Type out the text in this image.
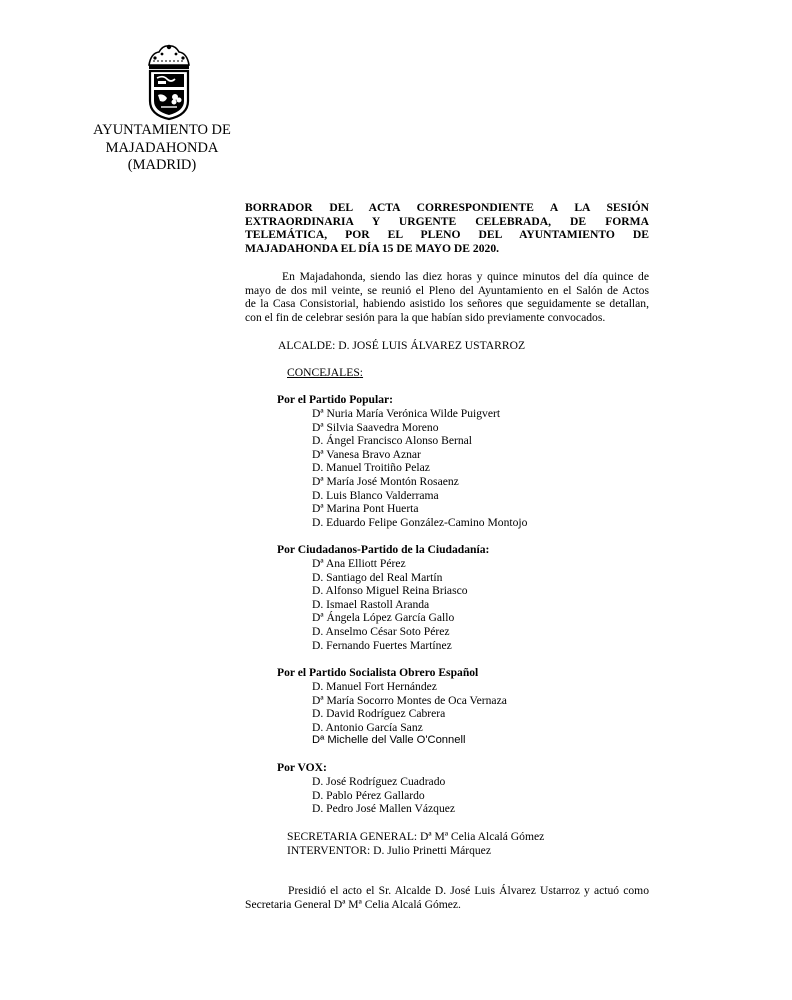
AYUNTAMIENTO DE
MAJADAHONDA
(MADRID)
BORRADOR DEL ACTA CORRESPONDIENTE A LA SESIÓN
EXTRAORDINARIA Y URGENTE CELEBRADA, DE FORMA
TELEMÁTICA, POR EL PLENO DEL AYUNTAMIENTO DE
MAJADAHONDA EL DÍA 15 DE MAYO DE 2020.
En Majadahonda, siendo las diez horas y quince minutos del día quince de
mayo de dos mil veinte, se reunió el Pleno del Ayuntamiento en el Salón de Actos
de la Casa Consistorial, habiendo asistido los señores que seguidamente se detallan,
con el fin de celebrar sesión para la que habían sido previamente convocados.
ALCALDE: D. JOSÉ LUIS ÁLVAREZ USTARROZ
CONCEJALES:
Por el Partido Popular:
Dª Nuria María Verónica Wilde Puigvert
Dª Silvia Saavedra Moreno
D. Ángel Francisco Alonso Bernal
Dª Vanesa Bravo Aznar
D. Manuel Troitiño Pelaz
Dª María José Montón Rosaenz
D. Luis Blanco Valderrama
Dª Marina Pont Huerta
D. Eduardo Felipe González-Camino Montojo
Por Ciudadanos-Partido de la Ciudadanía:
Dª Ana Elliott Pérez
D. Santiago del Real Martín
D. Alfonso Miguel Reina Briasco
D. Ismael Rastoll Aranda
Dª Ángela López García Gallo
D. Anselmo César Soto Pérez
D. Fernando Fuertes Martínez
Por el Partido Socialista Obrero Español
D. Manuel Fort Hernández
Dª María Socorro Montes de Oca Vernaza
D. David Rodríguez Cabrera
D. Antonio García Sanz
Dª Michelle del Valle O'Connell
Por VOX:
D. José Rodríguez Cuadrado
D. Pablo Pérez Gallardo
D. Pedro José Mallen Vázquez
SECRETARIA GENERAL: Dª Mª Celia Alcalá Gómez
INTERVENTOR: D. Julio Prinetti Márquez
Presidió el acto el Sr. Alcalde D. José Luis Álvarez Ustarroz y actuó como
Secretaria General Dª Mª Celia Alcalá Gómez.
